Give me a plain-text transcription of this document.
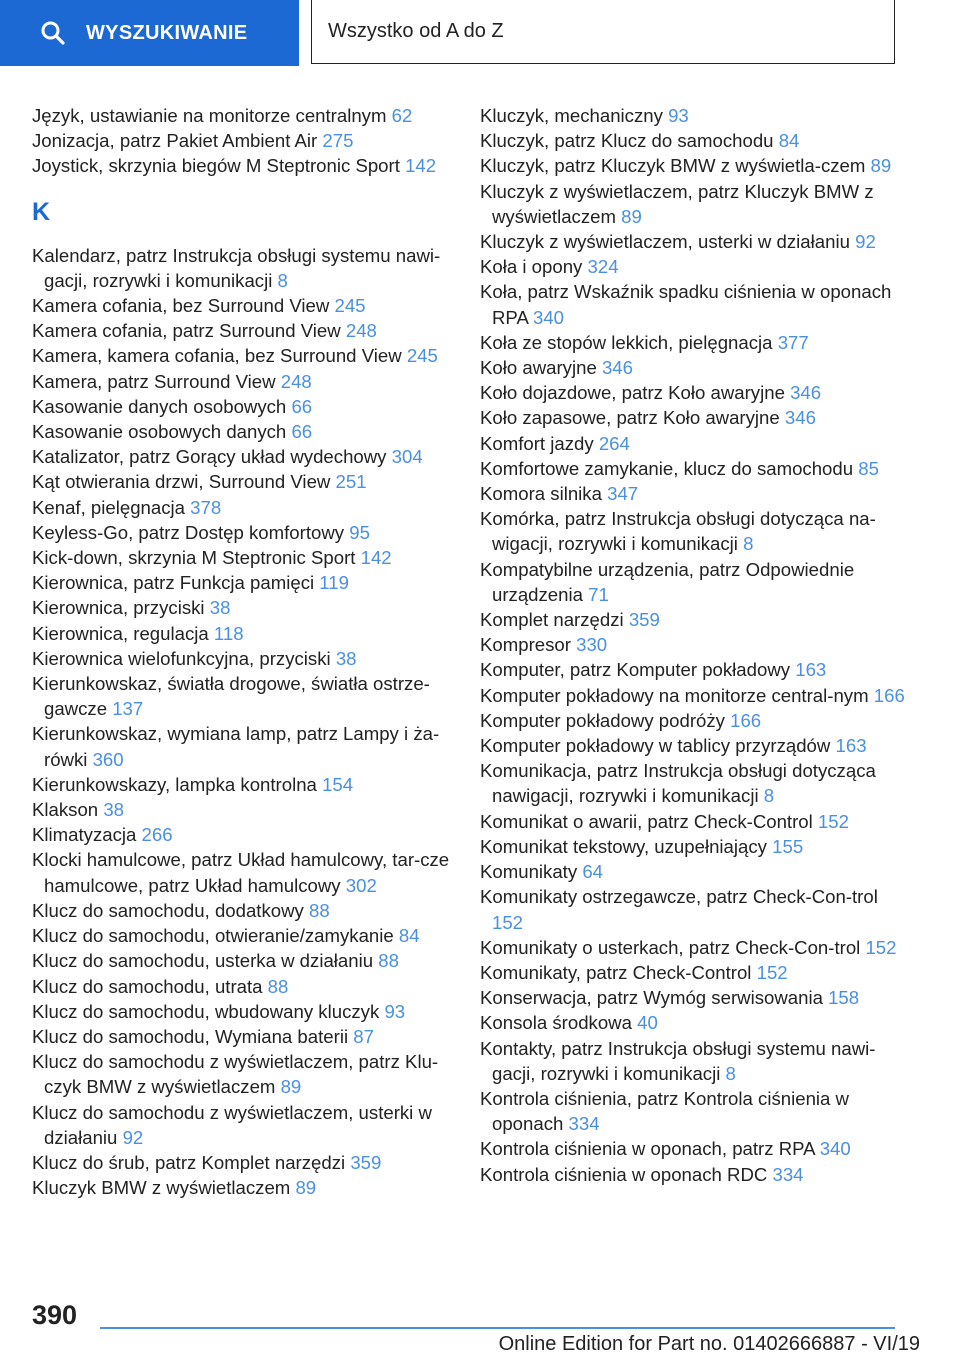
WYSZUKIWANIE	Wszystko od A do Z
Język, ustawianie na monitorze centralnym 62
Jonizacja, patrz Pakiet Ambient Air 275
Joystick, skrzynia biegów M Steptronic Sport 142
K
Kalendarz, patrz Instrukcja obsługi systemu nawi-gacji, rozrywki i komunikacji 8
Kamera cofania, bez Surround View 245
Kamera cofania, patrz Surround View 248
Kamera, kamera cofania, bez Surround View 245
Kamera, patrz Surround View 248
Kasowanie danych osobowych 66
Kasowanie osobowych danych 66
Katalizator, patrz Gorący układ wydechowy 304
Kąt otwierania drzwi, Surround View 251
Kenaf, pielęgnacja 378
Keyless-Go, patrz Dostęp komfortowy 95
Kick-down, skrzynia M Steptronic Sport 142
Kierownica, patrz Funkcja pamięci 119
Kierownica, przyciski 38
Kierownica, regulacja 118
Kierownica wielofunkcyjna, przyciski 38
Kierunkowskaz, światła drogowe, światła ostrze-gawcze 137
Kierunkowskaz, wymiana lamp, patrz Lampy i ża-rówki 360
Kierunkowskazy, lampka kontrolna 154
Klakson 38
Klimatyzacja 266
Klocki hamulcowe, patrz Układ hamulcowy, tar-cze hamulcowe, patrz Układ hamulcowy 302
Klucz do samochodu, dodatkowy 88
Klucz do samochodu, otwieranie/zamykanie 84
Klucz do samochodu, usterka w działaniu 88
Klucz do samochodu, utrata 88
Klucz do samochodu, wbudowany kluczyk 93
Klucz do samochodu, Wymiana baterii 87
Klucz do samochodu z wyświetlaczem, patrz Klu-czyk BMW z wyświetlaczem 89
Klucz do samochodu z wyświetlaczem, usterki w działaniu 92
Klucz do śrub, patrz Komplet narzędzi 359
Kluczyk BMW z wyświetlaczem 89
Kluczyk, mechaniczny 93
Kluczyk, patrz Klucz do samochodu 84
Kluczyk, patrz Kluczyk BMW z wyświetla-czem 89
Kluczyk z wyświetlaczem, patrz Kluczyk BMW z wyświetlaczem 89
Kluczyk z wyświetlaczem, usterki w działaniu 92
Koła i opony 324
Koła, patrz Wskaźnik spadku ciśnienia w oponach RPA 340
Koła ze stopów lekkich, pielęgnacja 377
Koło awaryjne 346
Koło dojazdowe, patrz Koło awaryjne 346
Koło zapasowe, patrz Koło awaryjne 346
Komfort jazdy 264
Komfortowe zamykanie, klucz do samochodu 85
Komora silnika 347
Komórka, patrz Instrukcja obsługi dotycząca na-wigacji, rozrywki i komunikacji 8
Kompatybilne urządzenia, patrz Odpowiednie urządzenia 71
Komplet narzędzi 359
Kompresor 330
Komputer, patrz Komputer pokładowy 163
Komputer pokładowy na monitorze central-nym 166
Komputer pokładowy podróży 166
Komputer pokładowy w tablicy przyrządów 163
Komunikacja, patrz Instrukcja obsługi dotycząca nawigacji, rozrywki i komunikacji 8
Komunikat o awarii, patrz Check-Control 152
Komunikat tekstowy, uzupełniający 155
Komunikaty 64
Komunikaty ostrzegawcze, patrz Check-Con-trol 152
Komunikaty o usterkach, patrz Check-Con-trol 152
Komunikaty, patrz Check-Control 152
Konserwacja, patrz Wymóg serwisowania 158
Konsola środkowa 40
Kontakty, patrz Instrukcja obsługi systemu nawi-gacji, rozrywki i komunikacji 8
Kontrola ciśnienia, patrz Kontrola ciśnienia w oponach 334
Kontrola ciśnienia w oponach, patrz RPA 340
Kontrola ciśnienia w oponach RDC 334
390
Online Edition for Part no. 01402666887 - VI/19
